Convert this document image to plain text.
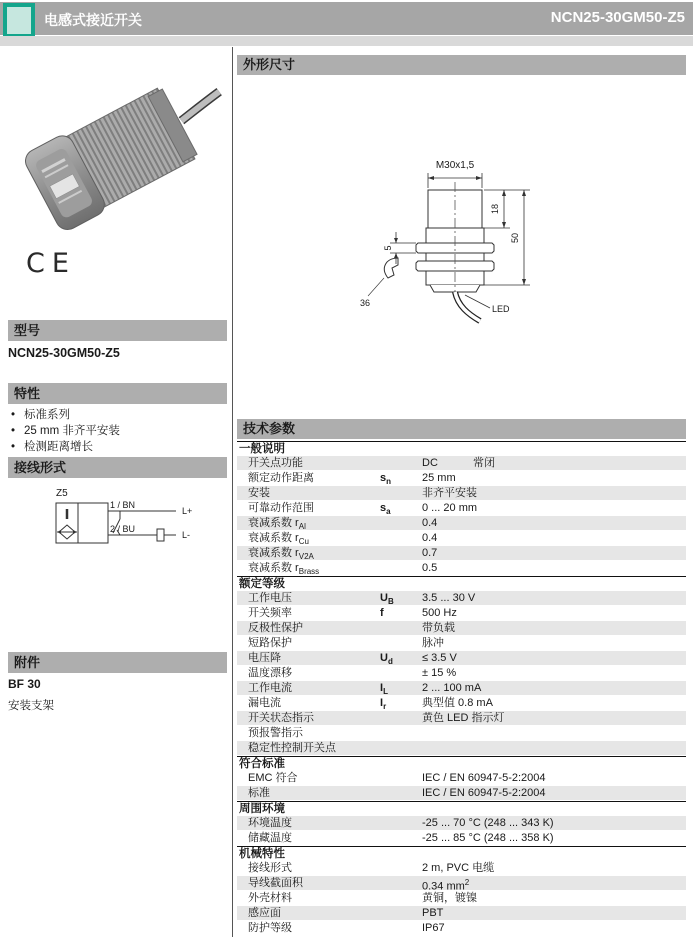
电感式接近开关	NCN25-30GM50-Z5
CE
型号
NCN25-30GM50-Z5
特性
• 标准系列
• 25 mm 非齐平安装
• 检测距离增长
接线形式
Z5
1 / BN
2 / BU
L+
L-
附件
BF 30
安装支架
外形尺寸
M30x1,5
18
50
5
36
LED
技术参数
一般说明
开关点功能	DC	常闭
额定动作距离	$s_n$	25 mm
安装	非齐平安装
可靠动作范围	$s_a$	0 ... 20 mm
衰减系数 $r_{Al}$	0.4
衰减系数 $r_{Cu}$	0.4
衰减系数 $r_{V2A}$	0.7
衰减系数 $r_{Brass}$	0.5
额定等级
工作电压	$U_B$	3.5 ... 30 V
开关频率	f	500 Hz
反极性保护	带负载
短路保护	脉冲
电压降	$U_d$	≤ 3.5 V
温度漂移	± 15 %
工作电流	$I_L$	2 ... 100 mA
漏电流	$I_r$	典型值 0.8 mA
开关状态指示	黄色 LED 指示灯
预报警指示
稳定性控制开关点
符合标准
EMC 符合	IEC / EN 60947-5-2:2004
标准	IEC / EN 60947-5-2:2004
周围环境
环境温度	-25 ... 70 °C (248 ... 343 K)
储藏温度	-25 ... 85 °C (248 ... 358 K)
机械特性
接线形式	2 m, PVC 电缆
导线截面积	0.34 $mm^2$
外壳材料	黄铜，镀镍
感应面	PBT
防护等级	IP67
